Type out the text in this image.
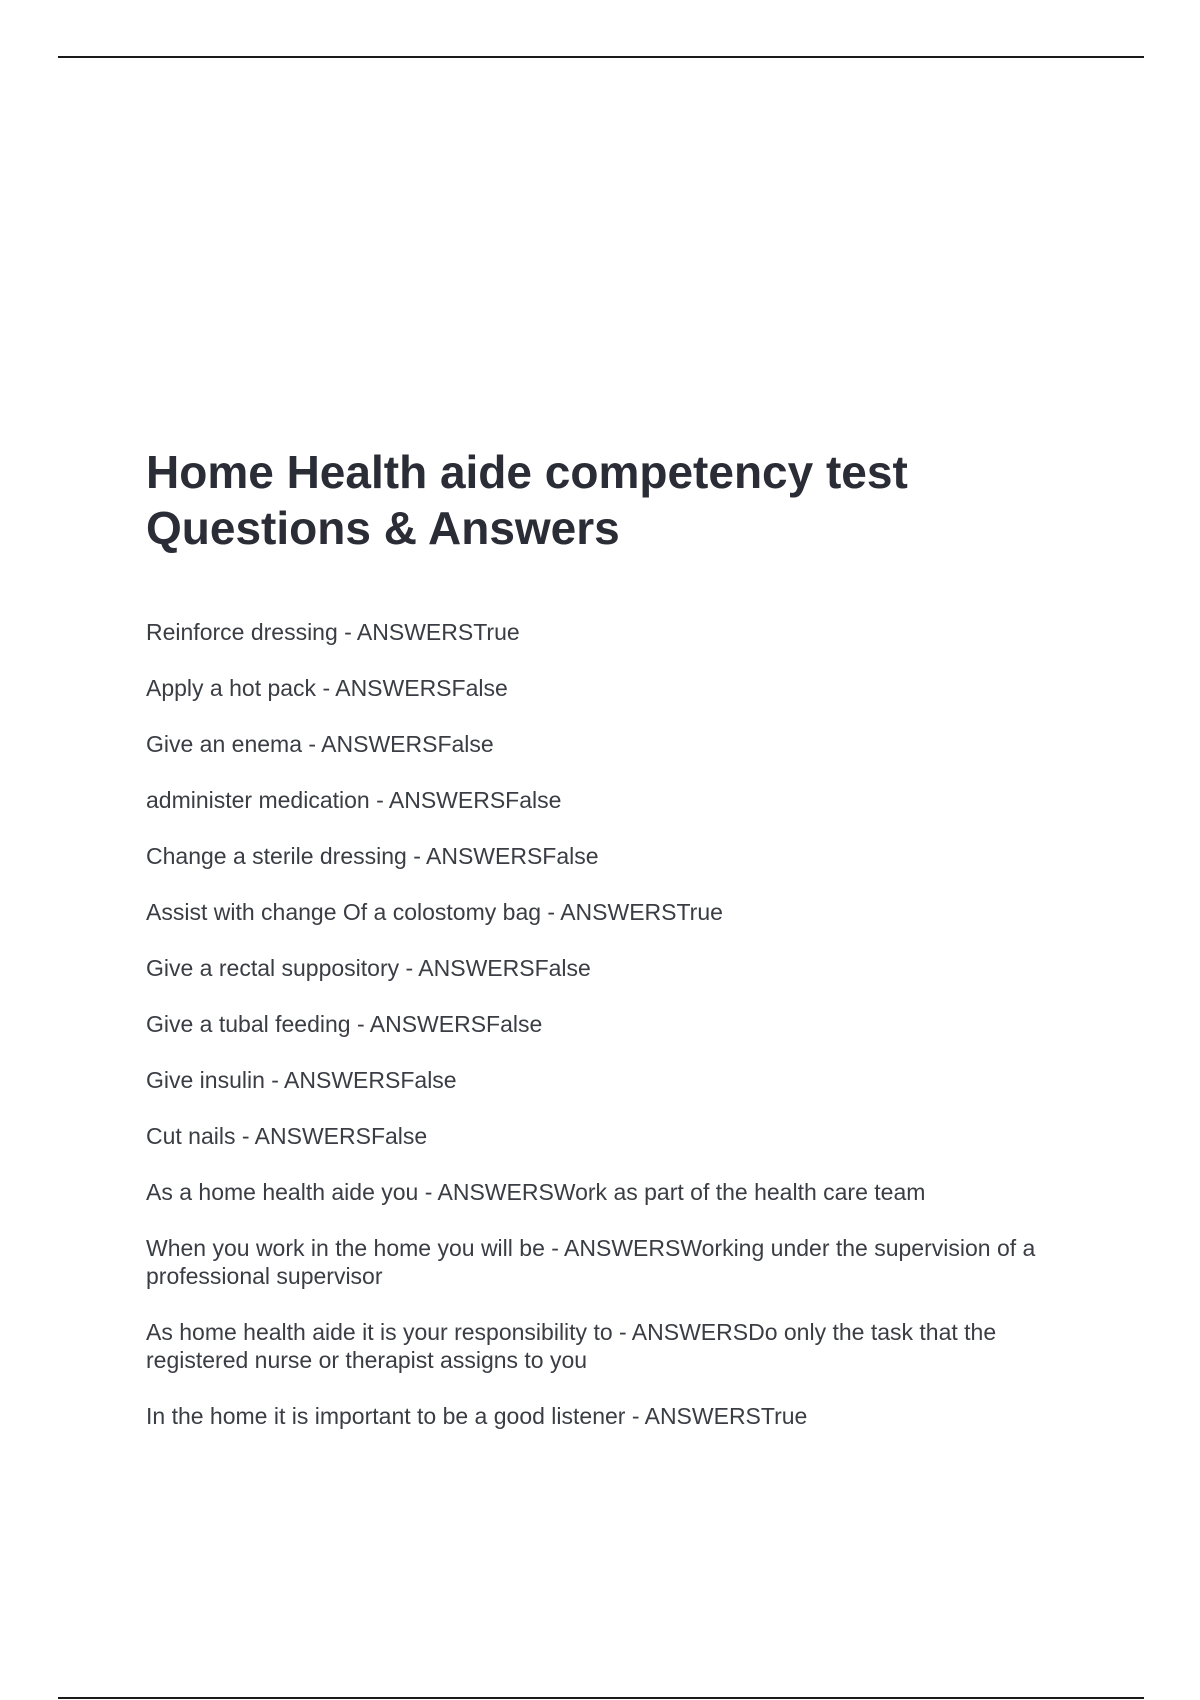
Home Health aide competency test
Questions & Answers
Reinforce dressing - ANSWERSTrue
Apply a hot pack - ANSWERSFalse
Give an enema - ANSWERSFalse
administer medication - ANSWERSFalse
Change a sterile dressing - ANSWERSFalse
Assist with change Of a colostomy bag - ANSWERSTrue
Give a rectal suppository - ANSWERSFalse
Give a tubal feeding - ANSWERSFalse
Give insulin - ANSWERSFalse
Cut nails - ANSWERSFalse
As a home health aide you - ANSWERSWork as part of the health care team
When you work in the home you will be - ANSWERSWorking under the supervision of a professional supervisor
As home health aide it is your responsibility to - ANSWERSDo only the task that the registered nurse or therapist assigns to you
In the home it is important to be a good listener - ANSWERSTrue
